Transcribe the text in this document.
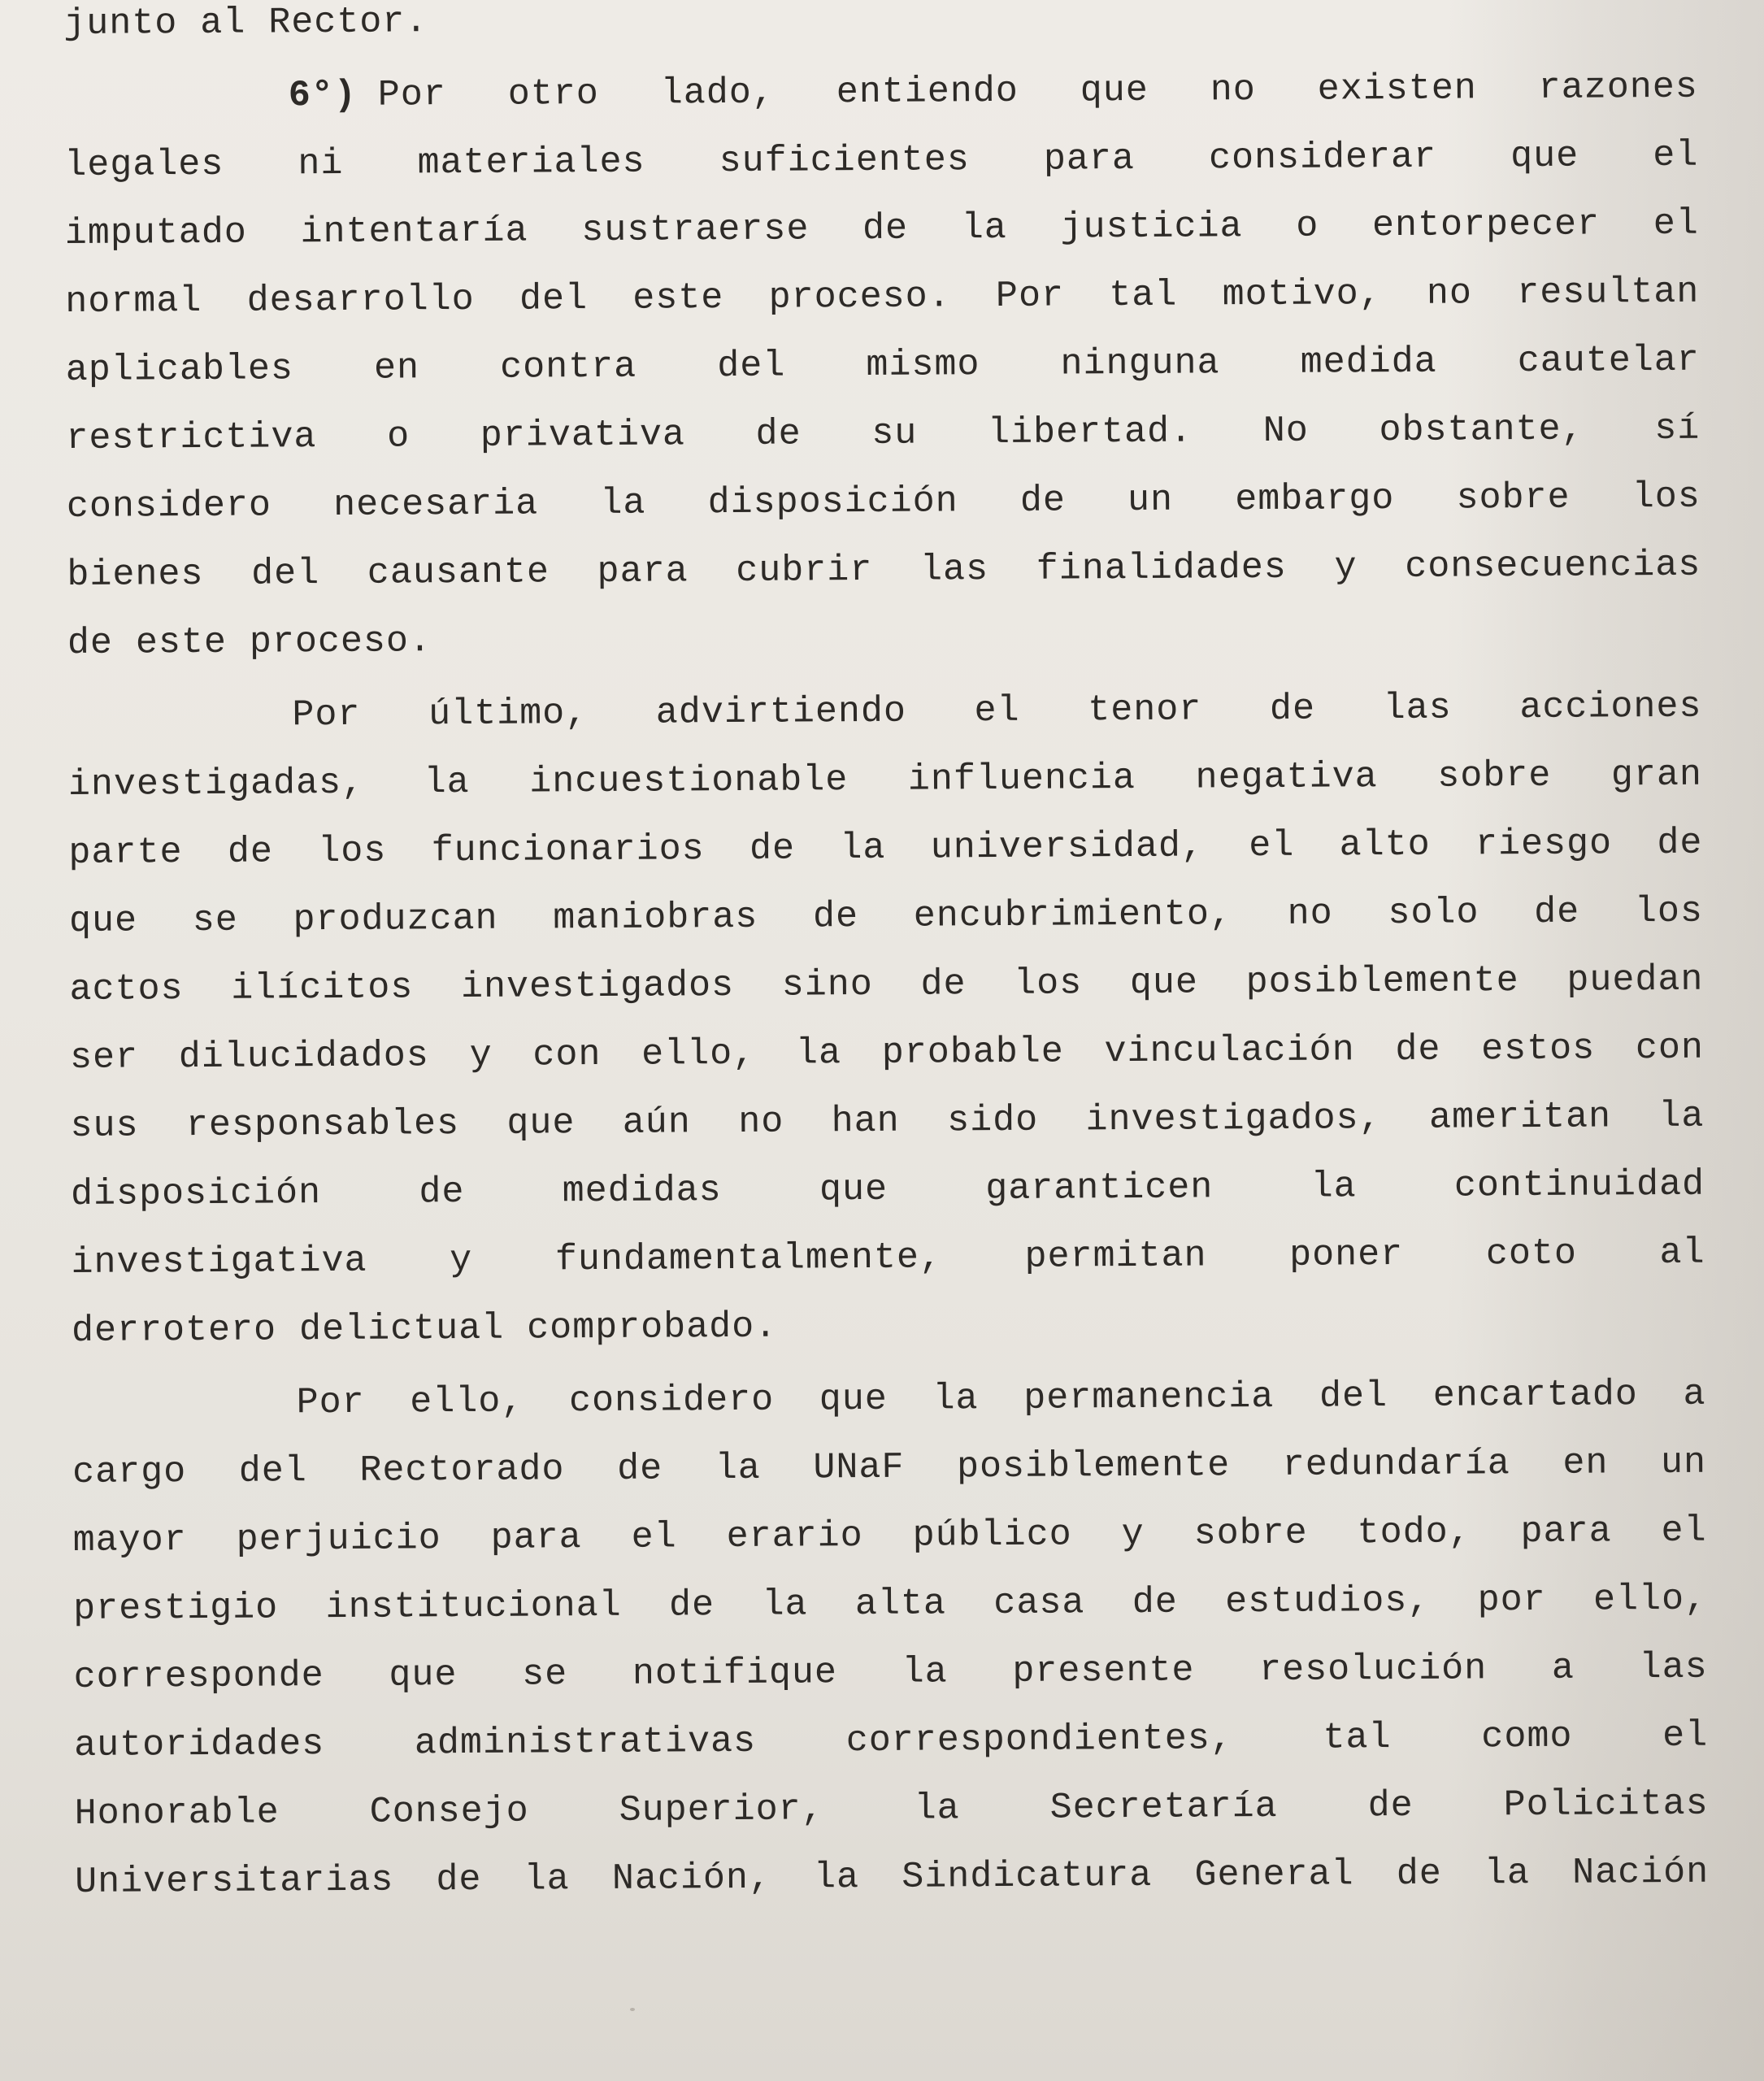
junto al Rector.
6°) Por otro lado, entiendo que no existen razones
legales ni materiales suficientes para considerar que el
imputado intentaría sustraerse de la justicia o entorpecer el
normal desarrollo del este proceso. Por tal motivo, no resultan
aplicables en contra del mismo ninguna medida cautelar
restrictiva o privativa de su libertad. No obstante, sí
considero necesaria la disposición de un embargo sobre los
bienes del causante para cubrir las finalidades y consecuencias
de este proceso.
Por último, advirtiendo el tenor de las acciones
investigadas, la incuestionable influencia negativa sobre gran
parte de los funcionarios de la universidad, el alto riesgo de
que se produzcan maniobras de encubrimiento, no solo de los
actos ilícitos investigados sino de los que posiblemente puedan
ser dilucidados y con ello, la probable vinculación de estos con
sus responsables que aún no han sido investigados, ameritan la
disposición de medidas que garanticen la continuidad
investigativa y fundamentalmente, permitan poner coto al
derrotero delictual comprobado.
Por ello, considero que la permanencia del encartado a
cargo del Rectorado de la UNaF posiblemente redundaría en un
mayor perjuicio para el erario público y sobre todo, para el
prestigio institucional de la alta casa de estudios, por ello,
corresponde que se notifique la presente resolución a las
autoridades administrativas correspondientes, tal como el
Honorable Consejo Superior, la Secretaría de Policitas
Universitarias de la Nación, la Sindicatura General de la Nación
